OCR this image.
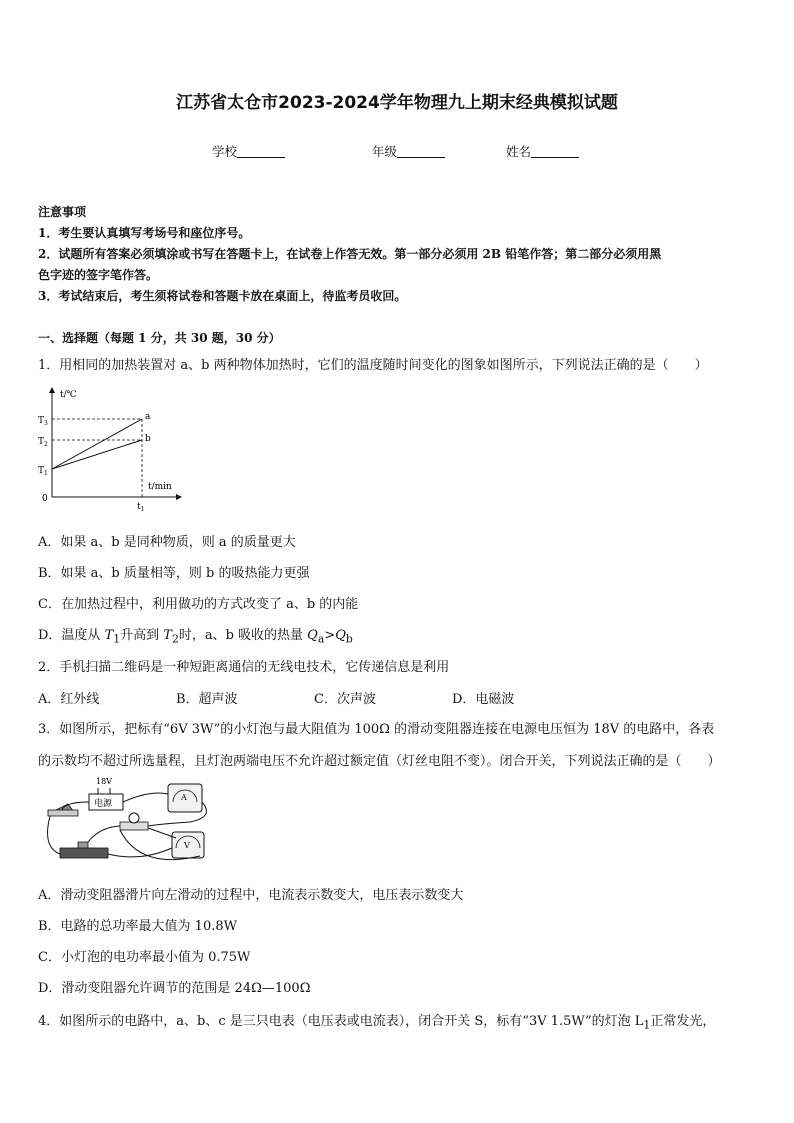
江苏省太仓市2023-2024学年物理九上期末经典模拟试题
学校	年级	姓名
注意事项
1．考生要认真填写考场号和座位序号。
2．试题所有答案必须填涂或书写在答题卡上，在试卷上作答无效。第一部分必须用 2B 铅笔作答；第二部分必须用黑
色字迹的签字笔作答。
3．考试结束后，考生须将试卷和答题卡放在桌面上，待监考员收回。
一、选择题（每题 1 分，共 30 题，30 分）
1．用相同的加热装置对 a、b 两种物体加热时，它们的温度随时间变化的图象如图所示，下列说法正确的是（　　）
t/℃
t/min
0
$T_3$
$T_2$
$T_1$
$t_1$
a
b
A．如果 a、b 是同种物质，则 a 的质量更大
B．如果 a、b 质量相等，则 b 的吸热能力更强
C．在加热过程中，利用做功的方式改变了 a、b 的内能
D．温度从 $T_1$升高到 $T_2$时，a、b 吸收的热量 $Q_a>Q_b$
2．手机扫描二维码是一种短距离通信的无线电技术，它传递信息是利用
A．红外线	B．超声波	C．次声波	D．电磁波
3．如图所示，把标有“6V 3W”的小灯泡与最大阻值为 100Ω 的滑动变阻器连接在电源电压恒为 18V 的电路中，各表
的示数均不超过所选量程，且灯泡两端电压不允许超过额定值（灯丝电阻不变）。闭合开关，下列说法正确的是（　　）
18V
电源
A
V
A．滑动变阻器滑片向左滑动的过程中，电流表示数变大，电压表示数变大
B．电路的总功率最大值为 10.8W
C．小灯泡的电功率最小值为 0.75W
D．滑动变阻器允许调节的范围是 24Ω—100Ω
4．如图所示的电路中，a、b、c 是三只电表（电压表或电流表），闭合开关 S，标有“3V 1.5W”的灯泡 $L_1$正常发光，
